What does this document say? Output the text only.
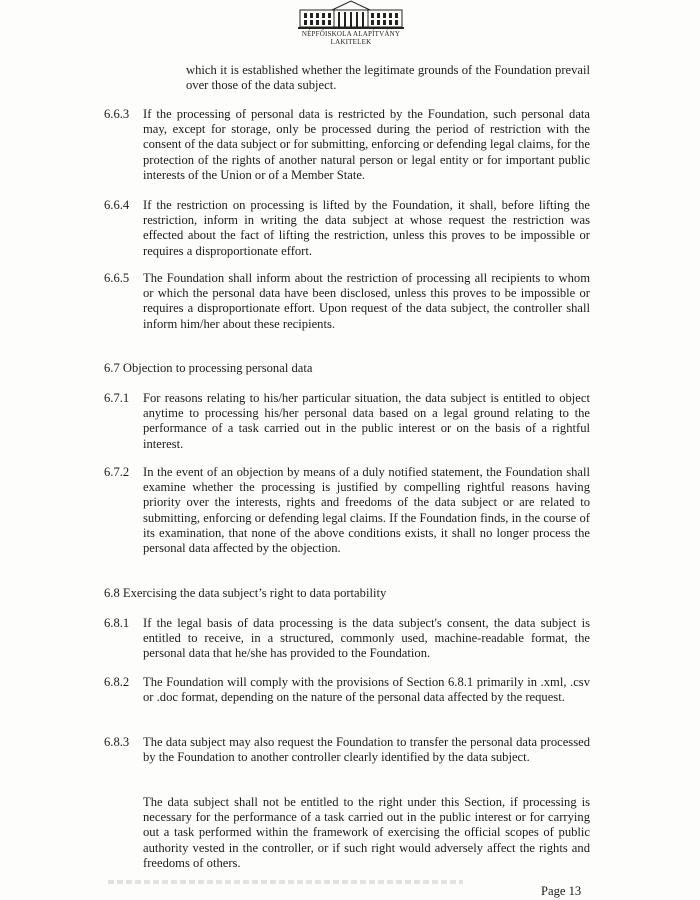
NÉPFŐISKOLA ALAPÍTVÁNY
LAKITELEK
which it is established whether the legitimate grounds of the Foundation prevail over those of the data subject.
6.6.3 If the processing of personal data is restricted by the Foundation, such personal data may, except for storage, only be processed during the period of restriction with the consent of the data subject or for submitting, enforcing or defending legal claims, for the protection of the rights of another natural person or legal entity or for important public interests of the Union or of a Member State.
6.6.4 If the restriction on processing is lifted by the Foundation, it shall, before lifting the restriction, inform in writing the data subject at whose request the restriction was effected about the fact of lifting the restriction, unless this proves to be impossible or requires a disproportionate effort.
6.6.5 The Foundation shall inform about the restriction of processing all recipients to whom or which the personal data have been disclosed, unless this proves to be impossible or requires a disproportionate effort. Upon request of the data subject, the controller shall inform him/her about these recipients.
6.7 Objection to processing personal data
6.7.1 For reasons relating to his/her particular situation, the data subject is entitled to object anytime to processing his/her personal data based on a legal ground relating to the performance of a task carried out in the public interest or on the basis of a rightful interest.
6.7.2 In the event of an objection by means of a duly notified statement, the Foundation shall examine whether the processing is justified by compelling rightful reasons having priority over the interests, rights and freedoms of the data subject or are related to submitting, enforcing or defending legal claims. If the Foundation finds, in the course of its examination, that none of the above conditions exists, it shall no longer process the personal data affected by the objection.
6.8 Exercising the data subject’s right to data portability
6.8.1 If the legal basis of data processing is the data subject's consent, the data subject is entitled to receive, in a structured, commonly used, machine-readable format, the personal data that he/she has provided to the Foundation.
6.8.2 The Foundation will comply with the provisions of Section 6.8.1 primarily in .xml, .csv or .doc format, depending on the nature of the personal data affected by the request.
6.8.3 The data subject may also request the Foundation to transfer the personal data processed by the Foundation to another controller clearly identified by the data subject.
The data subject shall not be entitled to the right under this Section, if processing is necessary for the performance of a task carried out in the public interest or for carrying out a task performed within the framework of exercising the official scopes of public authority vested in the controller, or if such right would adversely affect the rights and freedoms of others.
Page 13
